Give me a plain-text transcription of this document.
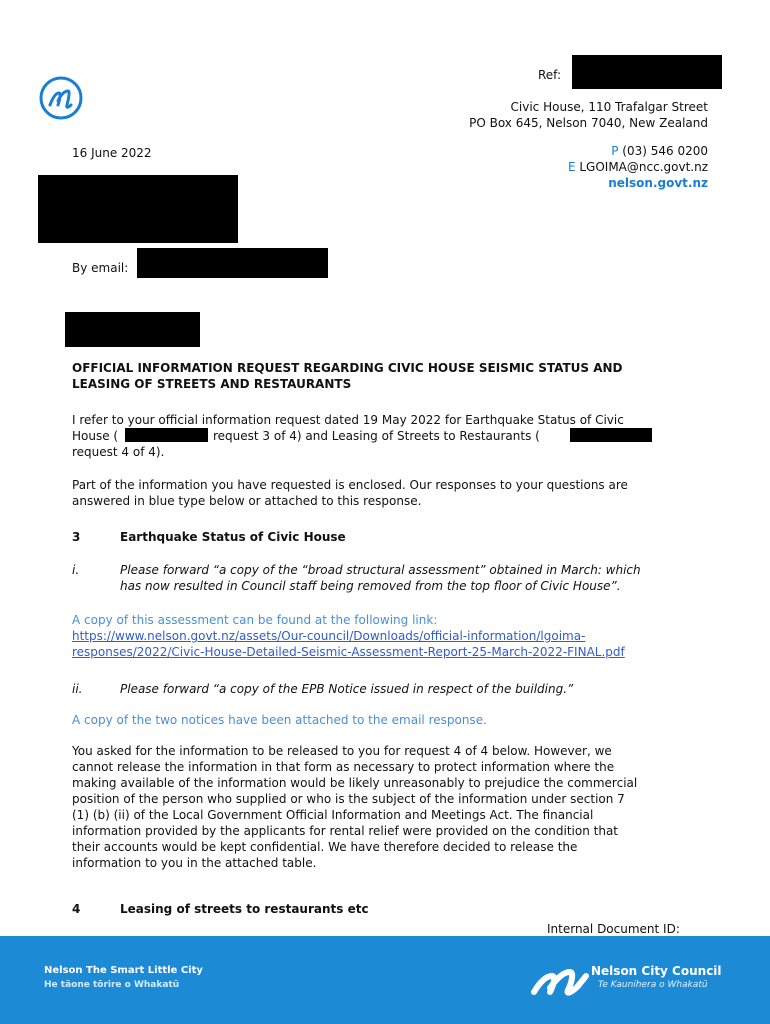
Ref:
Civic House, 110 Trafalgar Street
PO Box 645, Nelson 7040, New Zealand
16 June 2022	P (03) 546 0200
E LGOIMA@ncc.govt.nz
nelson.govt.nz
By email:
OFFICIAL INFORMATION REQUEST REGARDING CIVIC HOUSE SEISMIC STATUS AND
LEASING OF STREETS AND RESTAURANTS
I refer to your official information request dated 19 May 2022 for Earthquake Status of Civic
House (	request 3 of 4) and Leasing of Streets to Restaurants (
request 4 of 4).
Part of the information you have requested is enclosed. Our responses to your questions are
answered in blue type below or attached to this response.
3	Earthquake Status of Civic House
i.	Please forward “a copy of the “broad structural assessment” obtained in March: which
has now resulted in Council staff being removed from the top floor of Civic House”.
A copy of this assessment can be found at the following link:
https://www.nelson.govt.nz/assets/Our-council/Downloads/official-information/lgoima-
responses/2022/Civic-House-Detailed-Seismic-Assessment-Report-25-March-2022-FINAL.pdf
ii.	Please forward “a copy of the EPB Notice issued in respect of the building.”
A copy of the two notices have been attached to the email response.
You asked for the information to be released to you for request 4 of 4 below. However, we
cannot release the information in that form as necessary to protect information where the
making available of the information would be likely unreasonably to prejudice the commercial
position of the person who supplied or who is the subject of the information under section 7
(1) (b) (ii) of the Local Government Official Information and Meetings Act. The financial
information provided by the applicants for rental relief were provided on the condition that
their accounts would be kept confidential. We have therefore decided to release the
information to you in the attached table.
4	Leasing of streets to restaurants etc
Internal Document ID:
Nelson The Smart Little City
He tāone tōrire o Whakatū
Nelson City Council
Te Kaunihera o Whakatū
